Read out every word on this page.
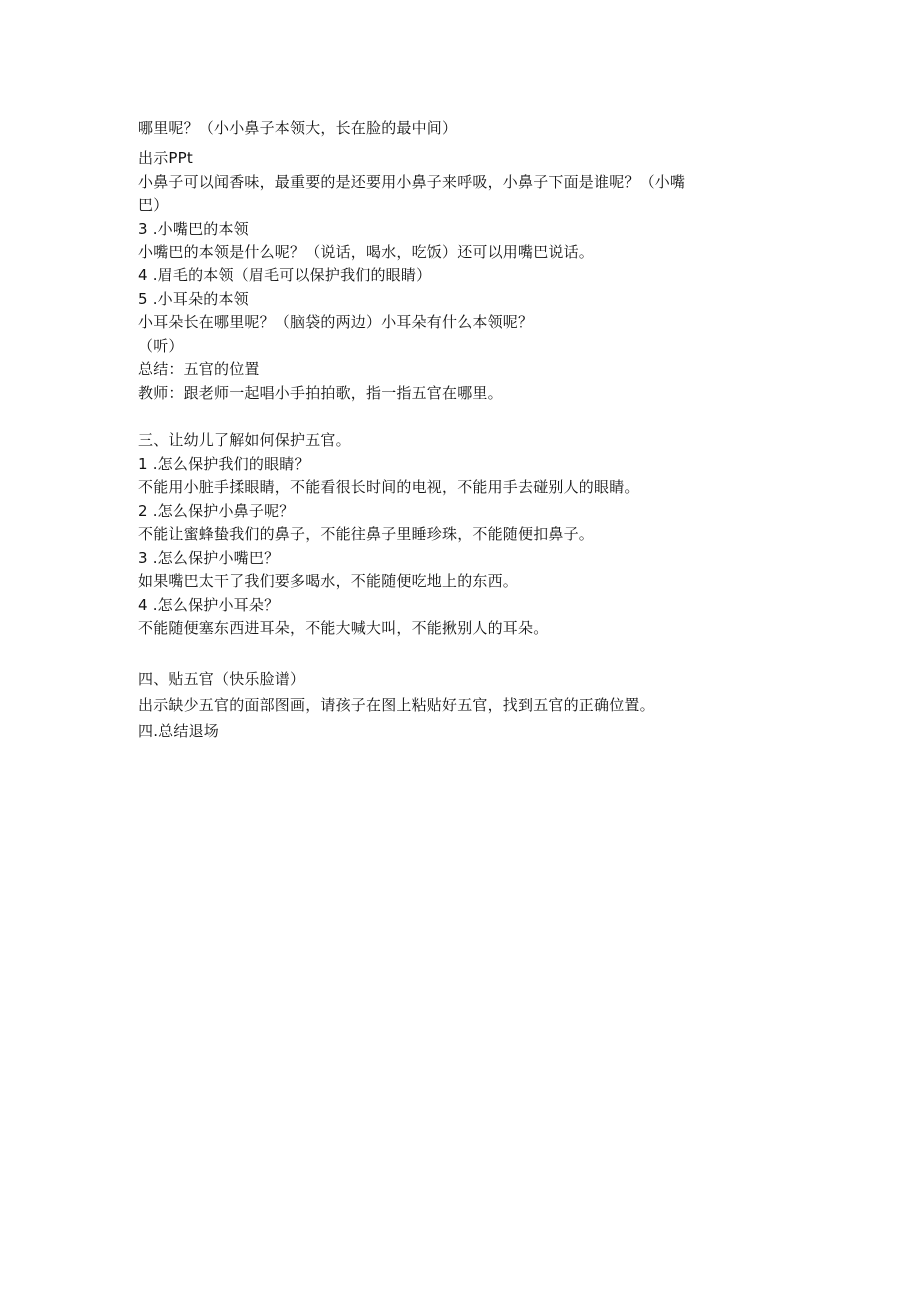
哪里呢？（小小鼻子本领大，长在脸的最中间）
出示PPt
小鼻子可以闻香味，最重要的是还要用小鼻子来呼吸，小鼻子下面是谁呢？（小嘴
巴）
3 .小嘴巴的本领
小嘴巴的本领是什么呢？（说话，喝水，吃饭）还可以用嘴巴说话。
4 .眉毛的本领（眉毛可以保护我们的眼睛）
5 .小耳朵的本领
小耳朵长在哪里呢？（脑袋的两边）小耳朵有什么本领呢？
（听）
总结：五官的位置
教师：跟老师一起唱小手拍拍歌，指一指五官在哪里。
三、让幼儿了解如何保护五官。
1 .怎么保护我们的眼睛？
不能用小脏手揉眼睛，不能看很长时间的电视，不能用手去碰别人的眼睛。
2 .怎么保护小鼻子呢？
不能让蜜蜂蛰我们的鼻子，不能往鼻子里睡珍珠，不能随便扣鼻子。
3 .怎么保护小嘴巴？
如果嘴巴太干了我们要多喝水，不能随便吃地上的东西。
4 .怎么保护小耳朵？
不能随便塞东西进耳朵，不能大喊大叫，不能揪别人的耳朵。
四、贴五官（快乐脸谱）
出示缺少五官的面部图画，请孩子在图上粘贴好五官，找到五官的正确位置。
四.总结退场
